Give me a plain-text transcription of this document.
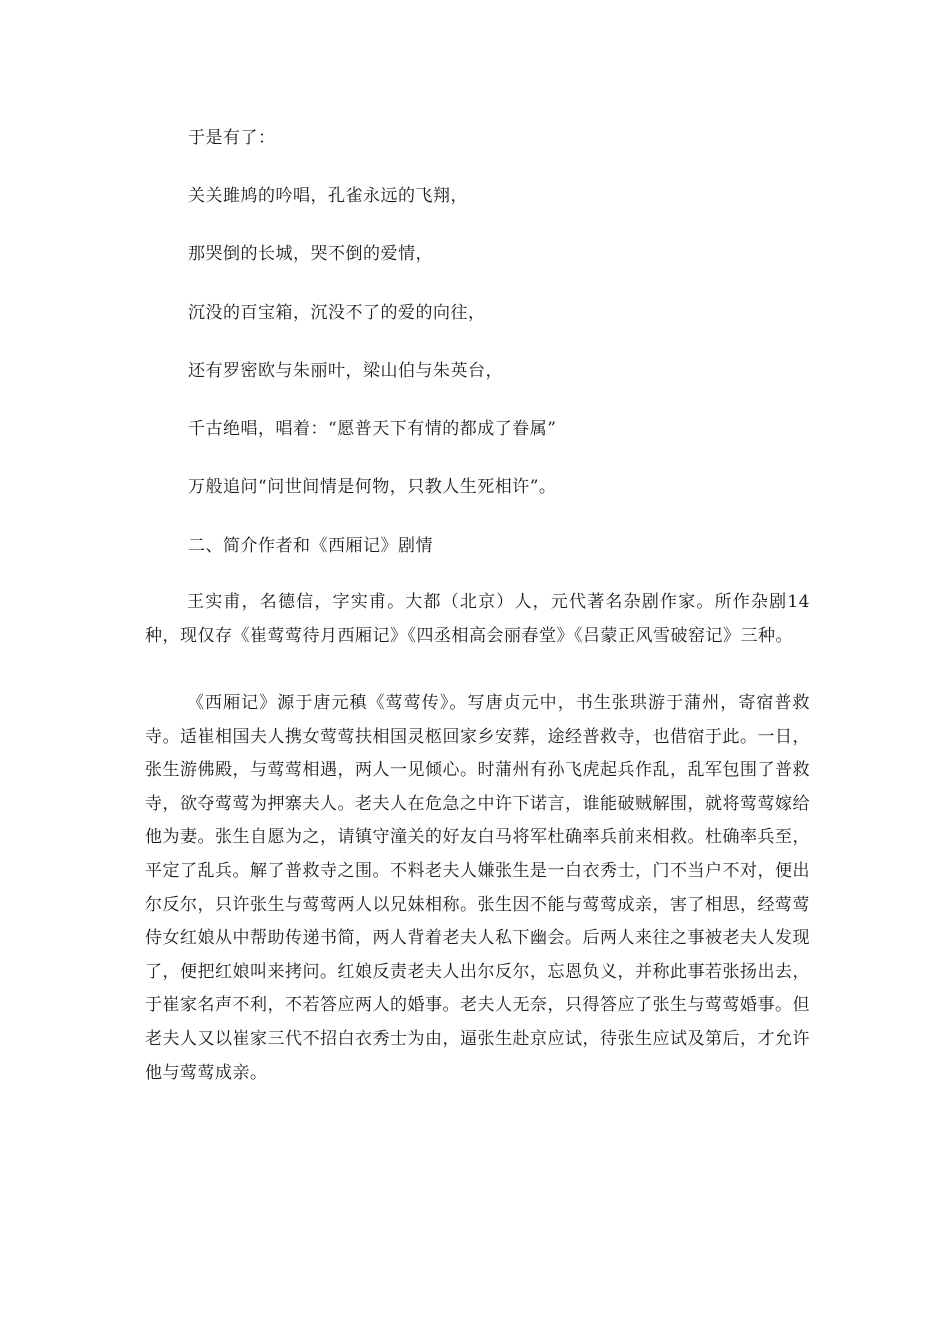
于是有了：
关关雎鸠的吟唱，孔雀永远的飞翔，
那哭倒的长城，哭不倒的爱情，
沉没的百宝箱，沉没不了的爱的向往，
还有罗密欧与朱丽叶，梁山伯与朱英台，
千古绝唱，唱着：“愿普天下有情的都成了眷属”
万般追问“问世间情是何物，只教人生死相许”。
二、简介作者和《西厢记》剧情
王实甫，名德信，字实甫。大都（北京）人，元代著名杂剧作家。所作杂剧14种，现仅存《崔莺莺待月西厢记》《四丞相高会丽春堂》《吕蒙正风雪破窑记》三种。
《西厢记》源于唐元稹《莺莺传》。写唐贞元中，书生张珙游于蒲州，寄宿普救寺。适崔相国夫人携女莺莺扶相国灵柩回家乡安葬，途经普救寺，也借宿于此。一日，张生游佛殿，与莺莺相遇，两人一见倾心。时蒲州有孙飞虎起兵作乱，乱军包围了普救寺，欲夺莺莺为押寨夫人。老夫人在危急之中许下诺言，谁能破贼解围，就将莺莺嫁给他为妻。张生自愿为之，请镇守潼关的好友白马将军杜确率兵前来相救。杜确率兵至，平定了乱兵。解了普救寺之围。不料老夫人嫌张生是一白衣秀士，门不当户不对，便出尔反尔，只许张生与莺莺两人以兄妹相称。张生因不能与莺莺成亲，害了相思，经莺莺侍女红娘从中帮助传递书简，两人背着老夫人私下幽会。后两人来往之事被老夫人发现了，便把红娘叫来拷问。红娘反责老夫人出尔反尔，忘恩负义，并称此事若张扬出去，于崔家名声不利，不若答应两人的婚事。老夫人无奈，只得答应了张生与莺莺婚事。但老夫人又以崔家三代不招白衣秀士为由，逼张生赴京应试，待张生应试及第后，才允许他与莺莺成亲。
